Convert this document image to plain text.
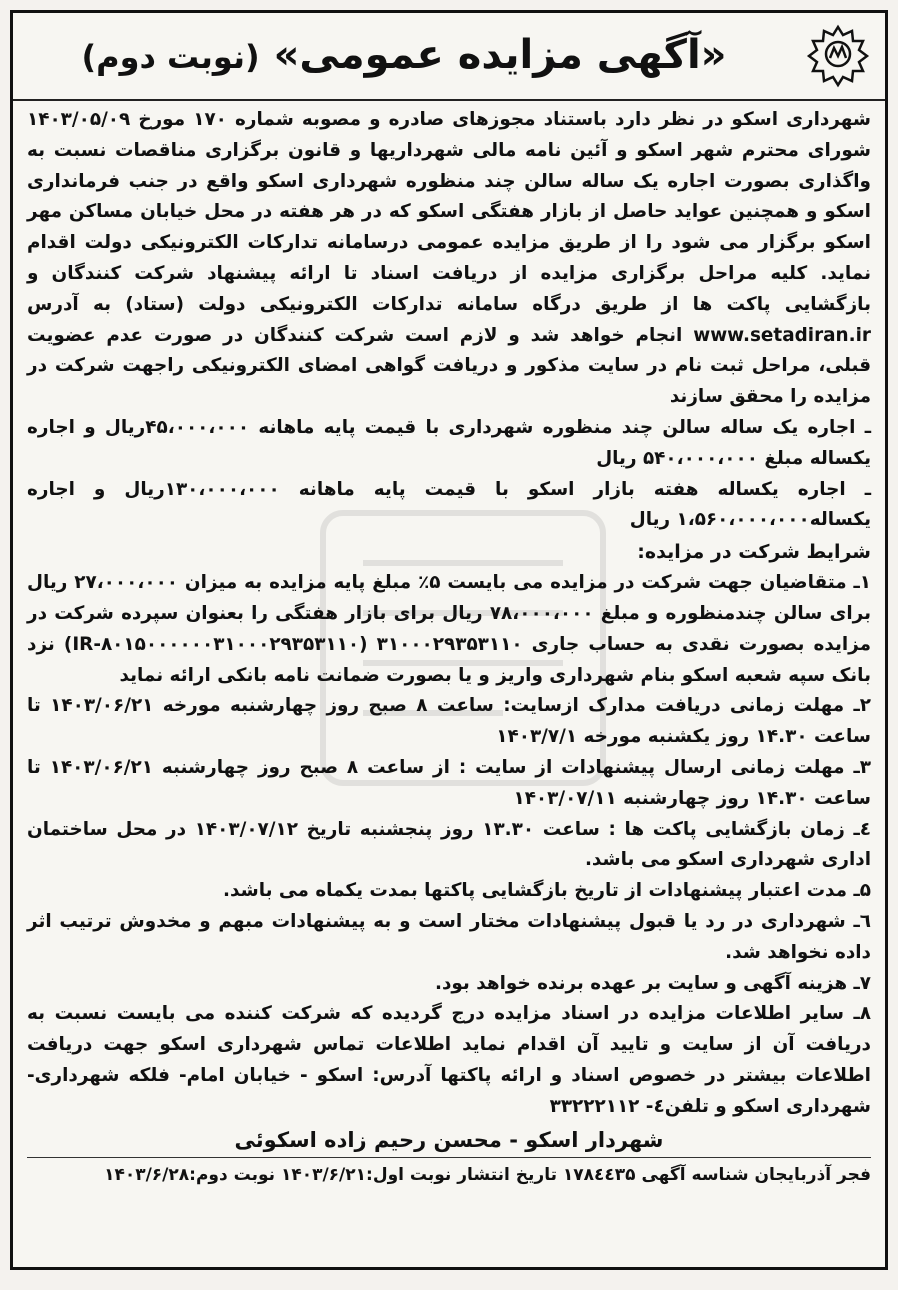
«آگهی مزایده عمومی» (نوبت دوم)

شهرداری اسکو در نظر دارد باستناد مجوزهای صادره و مصوبه شماره ۱۷۰ مورخ ۱۴۰۳/۰۵/۰۹ شورای محترم شهر اسکو و آئین نامه مالی شهرداریها و قانون برگزاری مناقصات نسبت به واگذاری بصورت اجاره یک ساله سالن چند منظوره شهرداری اسکو واقع در جنب فرمانداری اسکو و همچنین عواید حاصل از بازار هفتگی اسکو که در هر هفته در محل خیابان مساکن مهر اسکو برگزار می شود را از طریق مزایده عمومی درسامانه تدارکات الکترونیکی دولت اقدام نماید. کلیه مراحل برگزاری مزایده از دریافت اسناد تا ارائه پیشنهاد شرکت کنندگان و بازگشایی پاکت ها از طریق درگاه سامانه تدارکات الکترونیکی دولت (ستاد) به آدرس www.setadiran.ir انجام خواهد شد و لازم است شرکت کنندگان در صورت عدم عضویت قبلی، مراحل ثبت نام در سایت مذکور و دریافت گواهی امضای الکترونیکی راجهت شرکت در مزایده را محقق سازند

ـ اجاره یک ساله سالن چند منظوره شهرداری با قیمت پایه ماهانه ۴۵،۰۰۰،۰۰۰ریال و اجاره یکساله مبلغ ۵۴۰،۰۰۰،۰۰۰ ریال

ـ اجاره یکساله هفته بازار اسکو با قیمت پایه ماهانه ۱۳۰،۰۰۰،۰۰۰ریال و اجاره یکساله۱،۵۶۰،۰۰۰،۰۰۰ ریال

شرایط شرکت در مزایده:

۱ـ متقاضیان جهت شرکت در مزایده می بایست ۵٪ مبلغ پایه مزایده به میزان ۲۷،۰۰۰،۰۰۰ ریال برای سالن چندمنظوره و مبلغ ۷۸،۰۰۰،۰۰۰ ریال برای بازار هفتگی را بعنوان سپرده شرکت در مزایده بصورت نقدی به حساب جاری ۳۱۰۰۰۲۹۳۵۳۱۱۰ (IR-۸۰۱۵۰۰۰۰۰۰۳۱۰۰۰۲۹۳۵۳۱۱۰) نزد بانک سپه شعبه اسکو بنام شهرداری واریز و یا بصورت ضمانت نامه بانکی ارائه نماید

۲ـ مهلت زمانی دریافت مدارک ازسایت: ساعت ۸ صبح روز چهارشنبه مورخه ۱۴۰۳/۰۶/۲۱ تا ساعت ۱۴.۳۰ روز یکشنبه مورخه ۱۴۰۳/۷/۱

۳ـ مهلت زمانی ارسال پیشنهادات از سایت : از ساعت ۸ صبح روز چهارشنبه ۱۴۰۳/۰۶/۲۱ تا ساعت ۱۴.۳۰ روز چهارشنبه ۱۴۰۳/۰۷/۱۱

٤ـ زمان بازگشایی پاکت ها : ساعت ۱۳.۳۰ روز پنجشنبه تاریخ ۱۴۰۳/۰۷/۱۲ در محل ساختمان اداری شهرداری اسکو می باشد.

۵ـ مدت اعتبار پیشنهادات از تاریخ بازگشایی پاکتها بمدت یکماه می باشد.

٦ـ شهرداری در رد یا قبول پیشنهادات مختار است و به پیشنهادات مبهم و مخدوش ترتیب اثر داده نخواهد شد.

۷ـ هزینه آگهی و سایت بر عهده برنده خواهد بود.

۸ـ سایر اطلاعات مزایده در اسناد مزایده درج گردیده که شرکت کننده می بایست نسبت به دریافت آن از سایت و تایید آن اقدام نماید اطلاعات تماس شهرداری اسکو جهت دریافت اطلاعات بیشتر در خصوص اسناد و ارائه پاکتها آدرس: اسکو - خیابان امام- فلکه شهرداری- شهرداری اسکو و تلفن٤- ۳۳۲۲۲۱۱۲

شهردار اسکو - محسن رحیم زاده اسکوئی
فجر آذربایجان شناسه آگهی ۱۷۸٤٤۳۵ تاریخ انتشار نوبت اول:۱۴۰۳/۶/۲۱ نوبت دوم:۱۴۰۳/۶/۲۸
